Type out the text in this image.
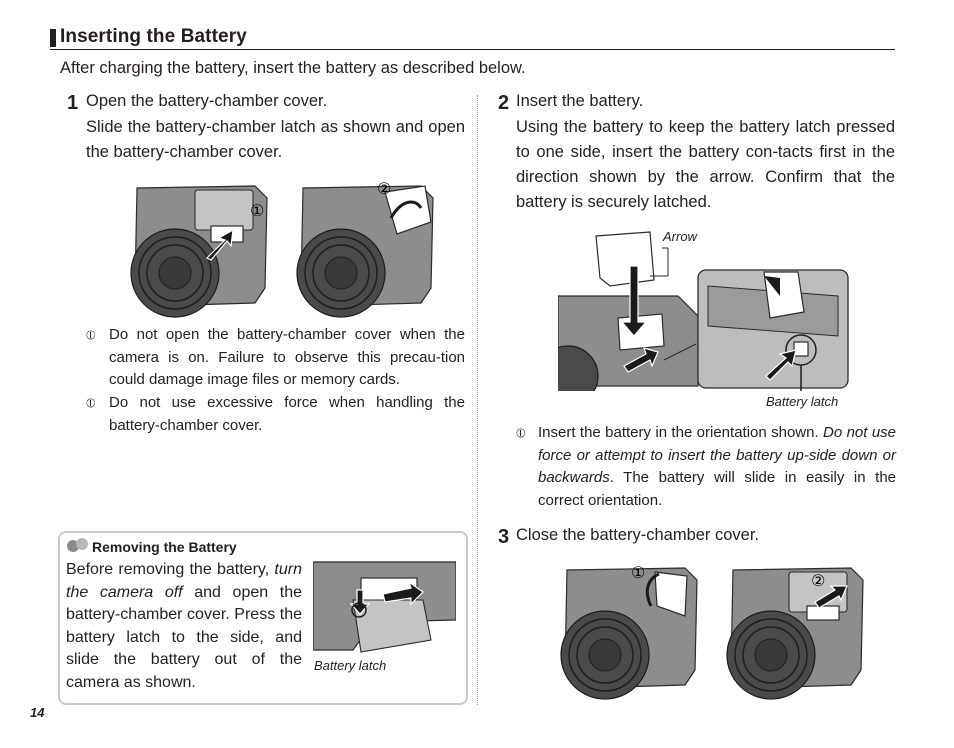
Inserting the Battery
After charging the battery, insert the battery as described below.
1 Open the battery-chamber cover.
Slide the battery-chamber latch as shown and open the battery-chamber cover.
①
②
⦶ Do not open the battery-chamber cover when the camera is on. Failure to observe this precau-tion could damage image files or memory cards.
⦶ Do not use excessive force when handling the battery-chamber cover.
Removing the Battery
Before removing the battery, turn the camera off and open the battery-chamber cover. Press the battery latch to the side, and slide the battery out of the camera as shown.
Battery latch
2 Insert the battery.
Using the battery to keep the battery latch pressed to one side, insert the battery con-tacts first in the direction shown by the arrow. Confirm that the battery is securely latched.
Arrow
Battery latch
⦶ Insert the battery in the orientation shown. Do not use force or attempt to insert the battery up-side down or backwards. The battery will slide in easily in the correct orientation.
3 Close the battery-chamber cover.
①	②
14
